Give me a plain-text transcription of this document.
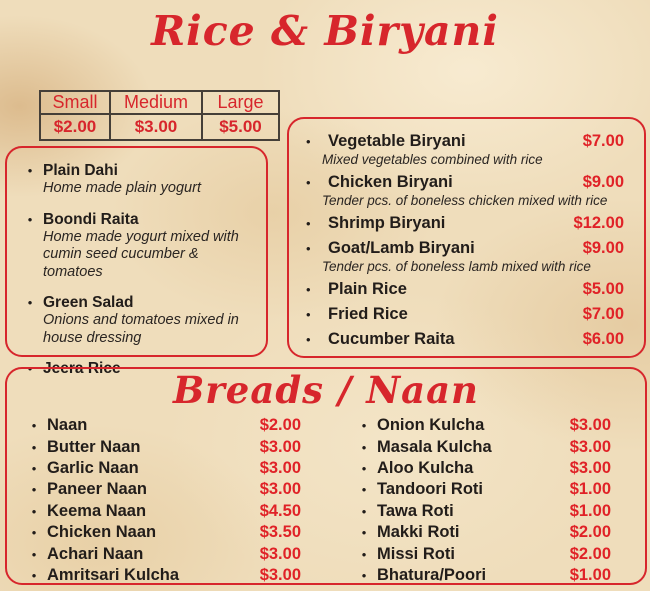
Rice & Biryani
Small	Medium	Large
$2.00	$3.00	$5.00
• Plain Dahi
Home made plain yogurt
• Boondi Raita
Home made yogurt mixed with cumin seed cucumber & tomatoes
• Green Salad
Onions and tomatoes mixed in house dressing
• Jeera Rice
•	Vegetable Biryani	$7.00
Mixed vegetables combined with rice
•	Chicken Biryani	$9.00
Tender pcs. of boneless chicken mixed with rice
•	Shrimp Biryani	$12.00
•	Goat/Lamb Biryani	$9.00
Tender pcs. of boneless lamb mixed with rice
•	Plain Rice	$5.00
•	Fried Rice	$7.00
•	Cucumber Raita	$6.00
Breads / Naan
• Naan	$2.00
• Butter Naan	$3.00
• Garlic Naan	$3.00
• Paneer Naan	$3.00
• Keema Naan	$4.50
• Chicken Naan	$3.50
• Achari Naan	$3.00
• Amritsari Kulcha	$3.00
• Onion Kulcha	$3.00
• Masala Kulcha	$3.00
• Aloo Kulcha	$3.00
• Tandoori Roti	$1.00
• Tawa Roti	$1.00
• Makki Roti	$2.00
• Missi Roti	$2.00
• Bhatura/Poori	$1.00
